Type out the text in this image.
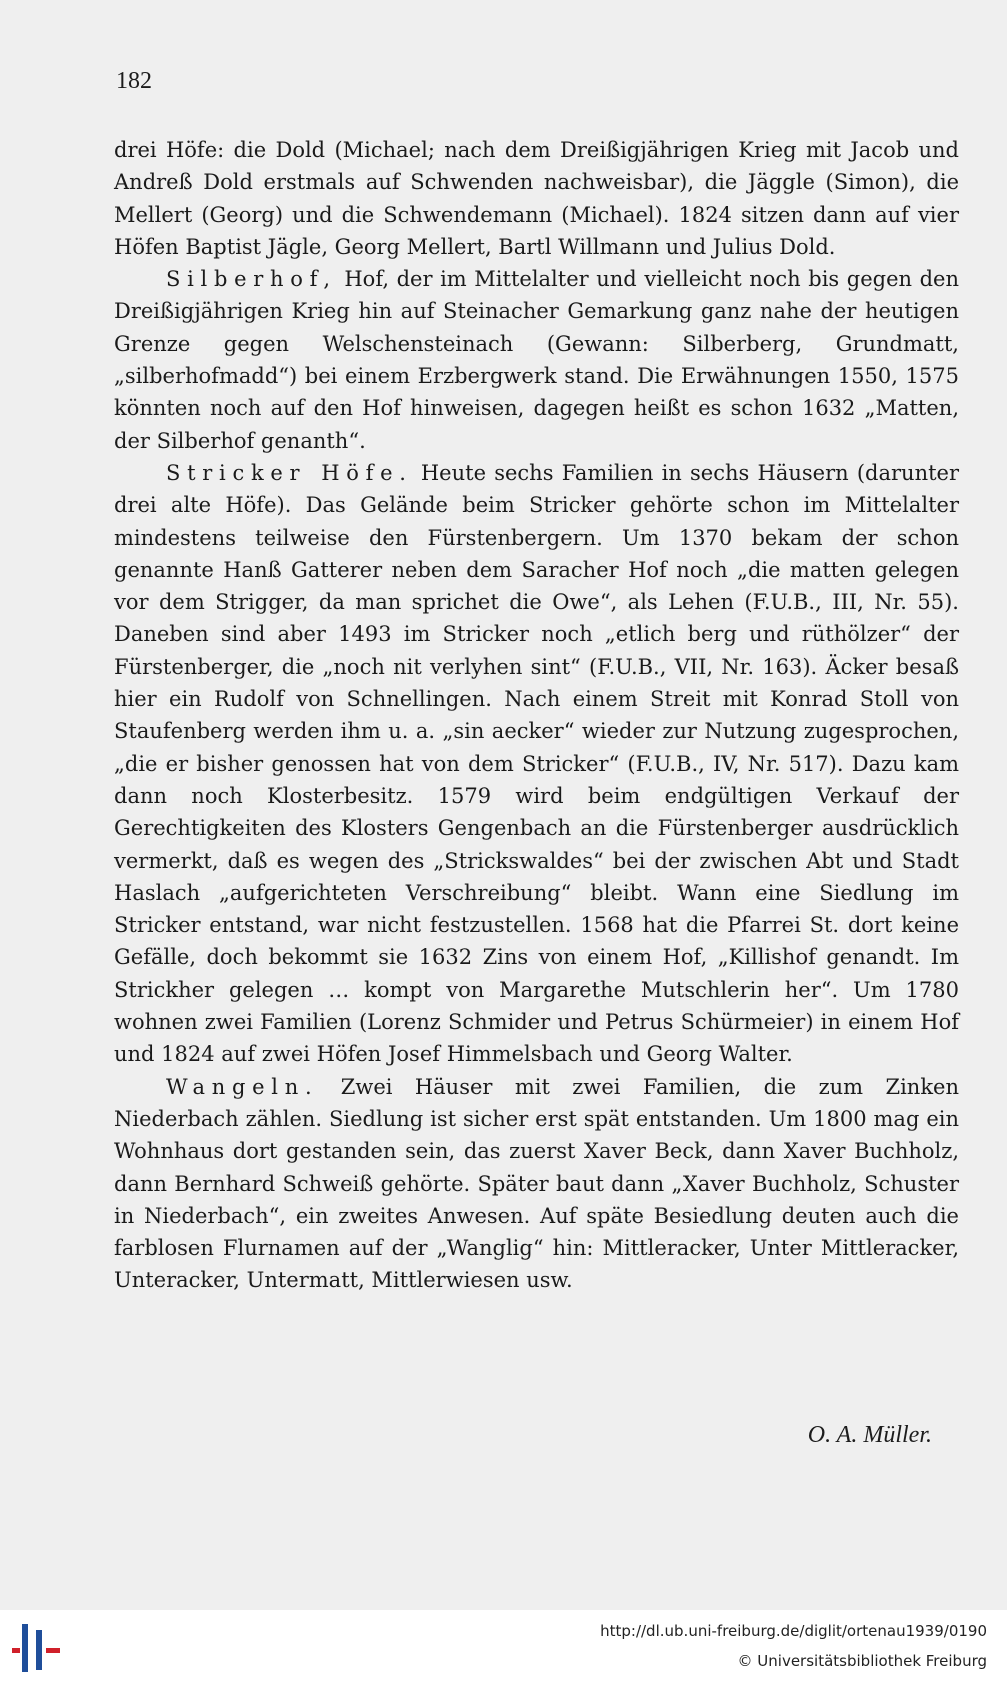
182

drei Höfe: die Dold (Michael; nach dem Dreißigjährigen Krieg mit Jacob und Andreß Dold erstmals auf Schwenden nachweisbar), die Jäggle (Simon), die Mellert (Georg) und die Schwendemann (Michael). 1824 sitzen dann auf vier Höfen Baptist Jägle, Georg Mellert, Bartl Willmann und Julius Dold.

Silberhof, Hof, der im Mittelalter und vielleicht noch bis gegen den Dreißigjährigen Krieg hin auf Steinacher Gemarkung ganz nahe der heutigen Grenze gegen Welschensteinach (Gewann: Silberberg, Grundmatt, „silberhofmadd“) bei einem Erzbergwerk stand. Die Erwähnungen 1550, 1575 könnten noch auf den Hof hinweisen, dagegen heißt es schon 1632 „Matten, der Silberhof genanth“.

Stricker Höfe. Heute sechs Familien in sechs Häusern (darunter drei alte Höfe). Das Gelände beim Stricker gehörte schon im Mittelalter mindestens teilweise den Fürstenbergern. Um 1370 bekam der schon genannte Hanß Gatterer neben dem Saracher Hof noch „die matten gelegen vor dem Strigger, da man sprichet die Owe“, als Lehen (F.U.B., III, Nr. 55). Daneben sind aber 1493 im Stricker noch „etlich berg und rüthölzer“ der Fürstenberger, die „noch nit verlyhen sint“ (F.U.B., VII, Nr. 163). Äcker besaß hier ein Rudolf von Schnellingen. Nach einem Streit mit Konrad Stoll von Staufenberg werden ihm u. a. „sin aecker“ wieder zur Nutzung zugesprochen, „die er bisher genossen hat von dem Stricker“ (F.U.B., IV, Nr. 517). Dazu kam dann noch Klosterbesitz. 1579 wird beim endgültigen Verkauf der Gerechtigkeiten des Klosters Gengenbach an die Fürstenberger ausdrücklich vermerkt, daß es wegen des „Strickswaldes“ bei der zwischen Abt und Stadt Haslach „aufgerichteten Verschreibung“ bleibt. Wann eine Siedlung im Stricker entstand, war nicht festzustellen. 1568 hat die Pfarrei St. dort keine Gefälle, doch bekommt sie 1632 Zins von einem Hof, „Killishof genandt. Im Strickher gelegen … kompt von Margarethe Mutschlerin her“. Um 1780 wohnen zwei Familien (Lorenz Schmider und Petrus Schürmeier) in einem Hof und 1824 auf zwei Höfen Josef Himmelsbach und Georg Walter.

Wangeln. Zwei Häuser mit zwei Familien, die zum Zinken Niederbach zählen. Siedlung ist sicher erst spät entstanden. Um 1800 mag ein Wohnhaus dort gestanden sein, das zuerst Xaver Beck, dann Xaver Buchholz, dann Bernhard Schweiß gehörte. Später baut dann „Xaver Buchholz, Schuster in Niederbach“, ein zweites Anwesen. Auf späte Besiedlung deuten auch die farblosen Flurnamen auf der „Wanglig“ hin: Mittleracker, Unter Mittleracker, Unteracker, Untermatt, Mittlerwiesen usw.

O. A. Müller.
http://dl.ub.uni-freiburg.de/diglit/ortenau1939/0190
© Universitätsbibliothek Freiburg
